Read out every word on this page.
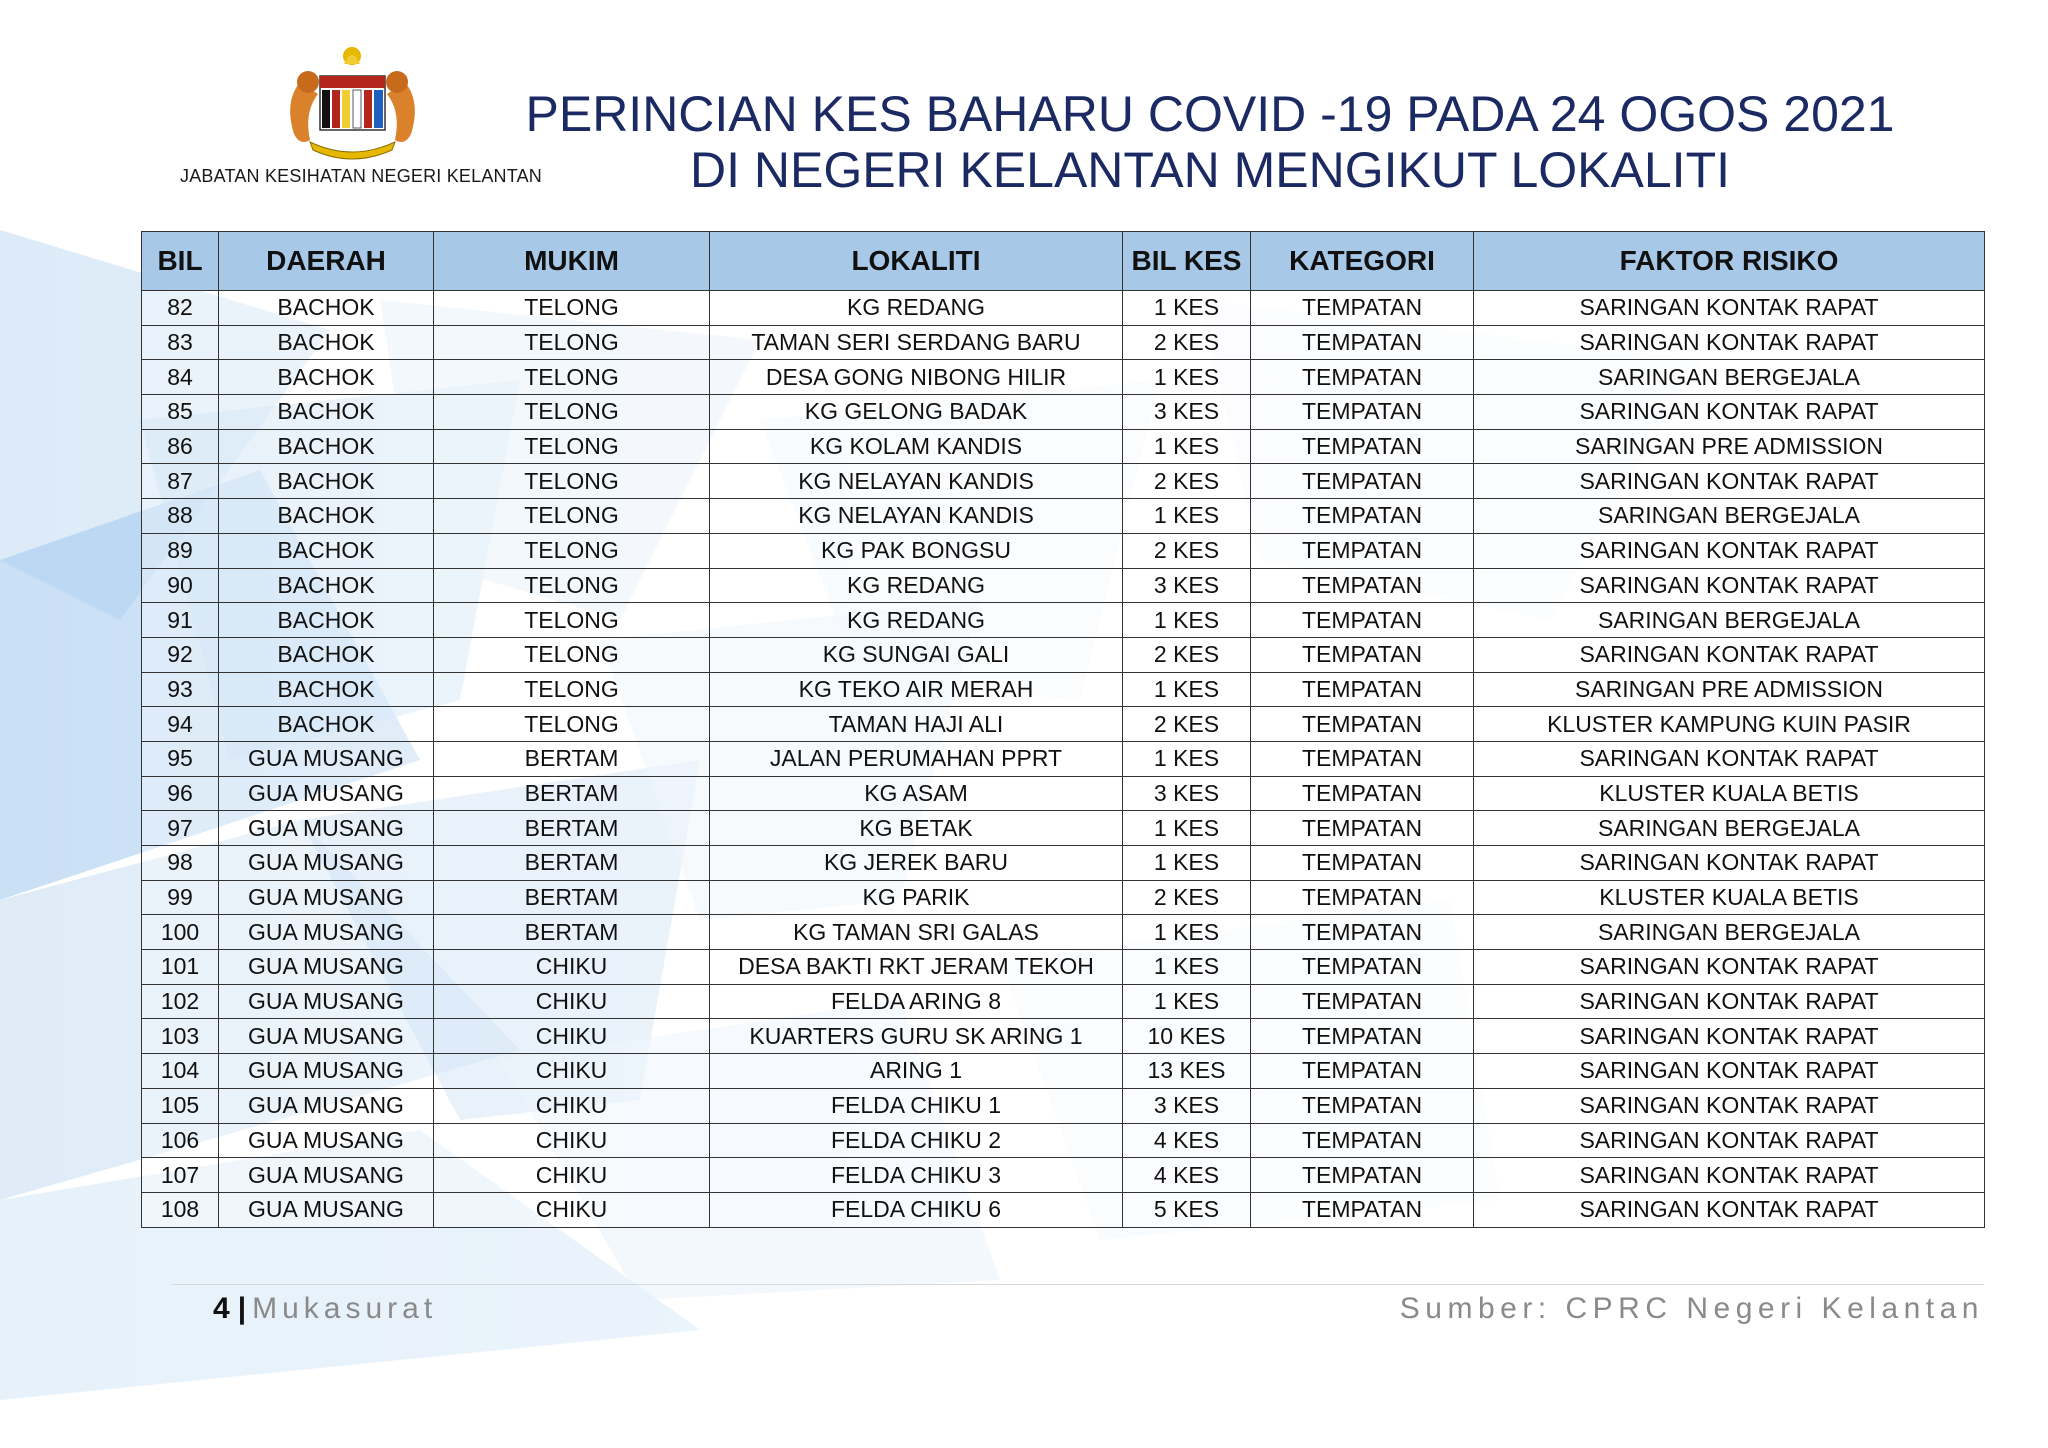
JABATAN KESIHATAN NEGERI KELANTAN
PERINCIAN KES BAHARU COVID -19 PADA 24 OGOS 2021
DI NEGERI KELANTAN MENGIKUT LOKALITI
BIL	DAERAH	MUKIM	LOKALITI	BIL KES	KATEGORI	FAKTOR RISIKO
82	BACHOK	TELONG	KG REDANG	1 KES	TEMPATAN	SARINGAN KONTAK RAPAT
83	BACHOK	TELONG	TAMAN SERI SERDANG BARU	2 KES	TEMPATAN	SARINGAN KONTAK RAPAT
84	BACHOK	TELONG	DESA GONG NIBONG HILIR	1 KES	TEMPATAN	SARINGAN BERGEJALA
85	BACHOK	TELONG	KG GELONG BADAK	3 KES	TEMPATAN	SARINGAN KONTAK RAPAT
86	BACHOK	TELONG	KG KOLAM KANDIS	1 KES	TEMPATAN	SARINGAN PRE ADMISSION
87	BACHOK	TELONG	KG NELAYAN KANDIS	2 KES	TEMPATAN	SARINGAN KONTAK RAPAT
88	BACHOK	TELONG	KG NELAYAN KANDIS	1 KES	TEMPATAN	SARINGAN BERGEJALA
89	BACHOK	TELONG	KG PAK BONGSU	2 KES	TEMPATAN	SARINGAN KONTAK RAPAT
90	BACHOK	TELONG	KG REDANG	3 KES	TEMPATAN	SARINGAN KONTAK RAPAT
91	BACHOK	TELONG	KG REDANG	1 KES	TEMPATAN	SARINGAN BERGEJALA
92	BACHOK	TELONG	KG SUNGAI GALI	2 KES	TEMPATAN	SARINGAN KONTAK RAPAT
93	BACHOK	TELONG	KG TEKO AIR MERAH	1 KES	TEMPATAN	SARINGAN PRE ADMISSION
94	BACHOK	TELONG	TAMAN HAJI ALI	2 KES	TEMPATAN	KLUSTER KAMPUNG KUIN PASIR
95	GUA MUSANG	BERTAM	JALAN PERUMAHAN PPRT	1 KES	TEMPATAN	SARINGAN KONTAK RAPAT
96	GUA MUSANG	BERTAM	KG ASAM	3 KES	TEMPATAN	KLUSTER KUALA BETIS
97	GUA MUSANG	BERTAM	KG BETAK	1 KES	TEMPATAN	SARINGAN BERGEJALA
98	GUA MUSANG	BERTAM	KG JEREK BARU	1 KES	TEMPATAN	SARINGAN KONTAK RAPAT
99	GUA MUSANG	BERTAM	KG PARIK	2 KES	TEMPATAN	KLUSTER KUALA BETIS
100	GUA MUSANG	BERTAM	KG TAMAN SRI GALAS	1 KES	TEMPATAN	SARINGAN BERGEJALA
101	GUA MUSANG	CHIKU	DESA BAKTI RKT JERAM TEKOH	1 KES	TEMPATAN	SARINGAN KONTAK RAPAT
102	GUA MUSANG	CHIKU	FELDA ARING 8	1 KES	TEMPATAN	SARINGAN KONTAK RAPAT
103	GUA MUSANG	CHIKU	KUARTERS GURU SK ARING 1	10 KES	TEMPATAN	SARINGAN KONTAK RAPAT
104	GUA MUSANG	CHIKU	ARING 1	13 KES	TEMPATAN	SARINGAN KONTAK RAPAT
105	GUA MUSANG	CHIKU	FELDA CHIKU 1	3 KES	TEMPATAN	SARINGAN KONTAK RAPAT
106	GUA MUSANG	CHIKU	FELDA CHIKU 2	4 KES	TEMPATAN	SARINGAN KONTAK RAPAT
107	GUA MUSANG	CHIKU	FELDA CHIKU 3	4 KES	TEMPATAN	SARINGAN KONTAK RAPAT
108	GUA MUSANG	CHIKU	FELDA CHIKU 6	5 KES	TEMPATAN	SARINGAN KONTAK RAPAT
4 | Mukasurat	Sumber: CPRC Negeri Kelantan
